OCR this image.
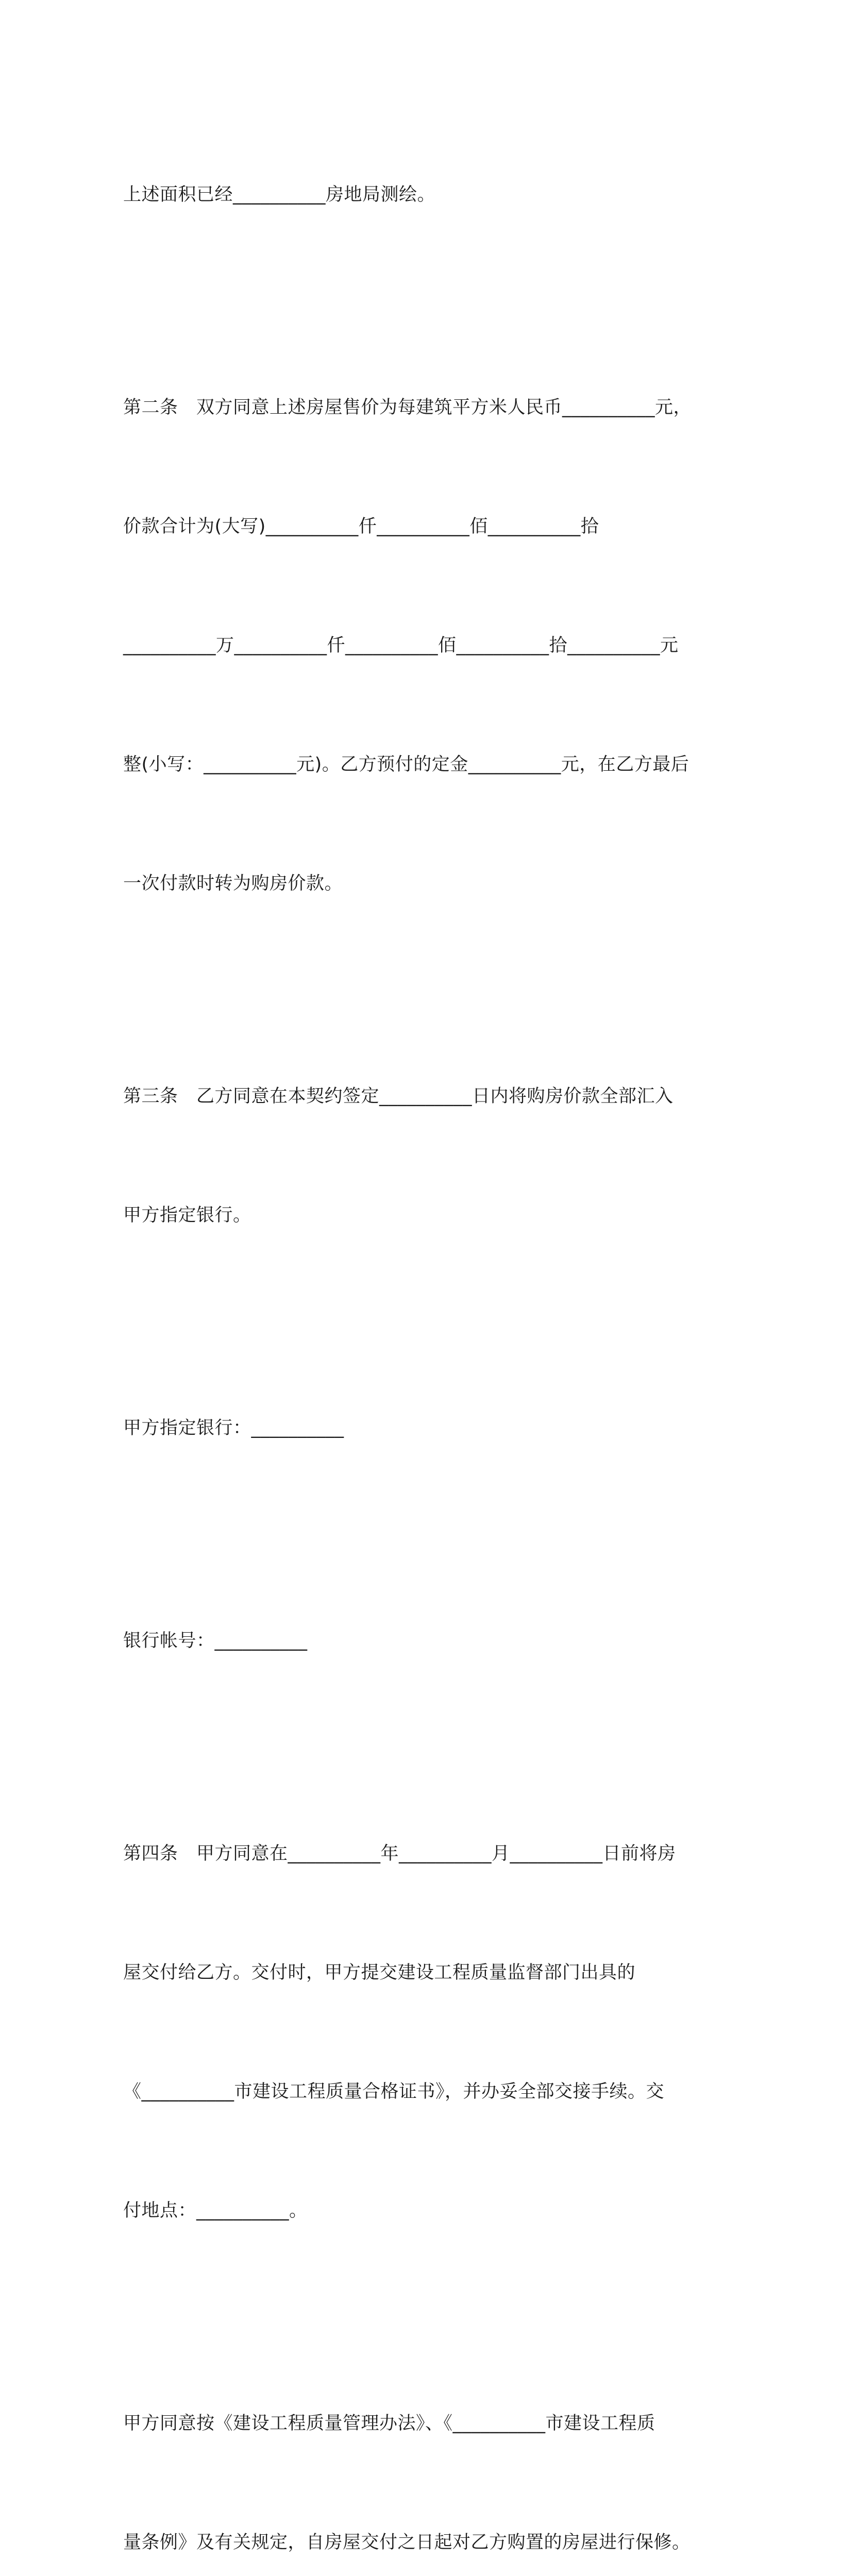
上述面积已经__________房地局测绘。

第二条　双方同意上述房屋售价为每建筑平方米人民币__________元，

价款合计为(大写)__________仟__________佰__________拾

__________万__________仟__________佰__________拾__________元

整(小写：__________元)。乙方预付的定金__________元，在乙方最后

一次付款时转为购房价款。

第三条　乙方同意在本契约签定__________日内将购房价款全部汇入

甲方指定银行。

甲方指定银行：__________

银行帐号：__________

第四条　甲方同意在__________年__________月__________日前将房

屋交付给乙方。交付时，甲方提交建设工程质量监督部门出具的

《__________市建设工程质量合格证书》，并办妥全部交接手续。交

付地点：__________。

甲方同意按《建设工程质量管理办法》、《__________市建设工程质

量条例》及有关规定，自房屋交付之日起对乙方购置的房屋进行保修。
